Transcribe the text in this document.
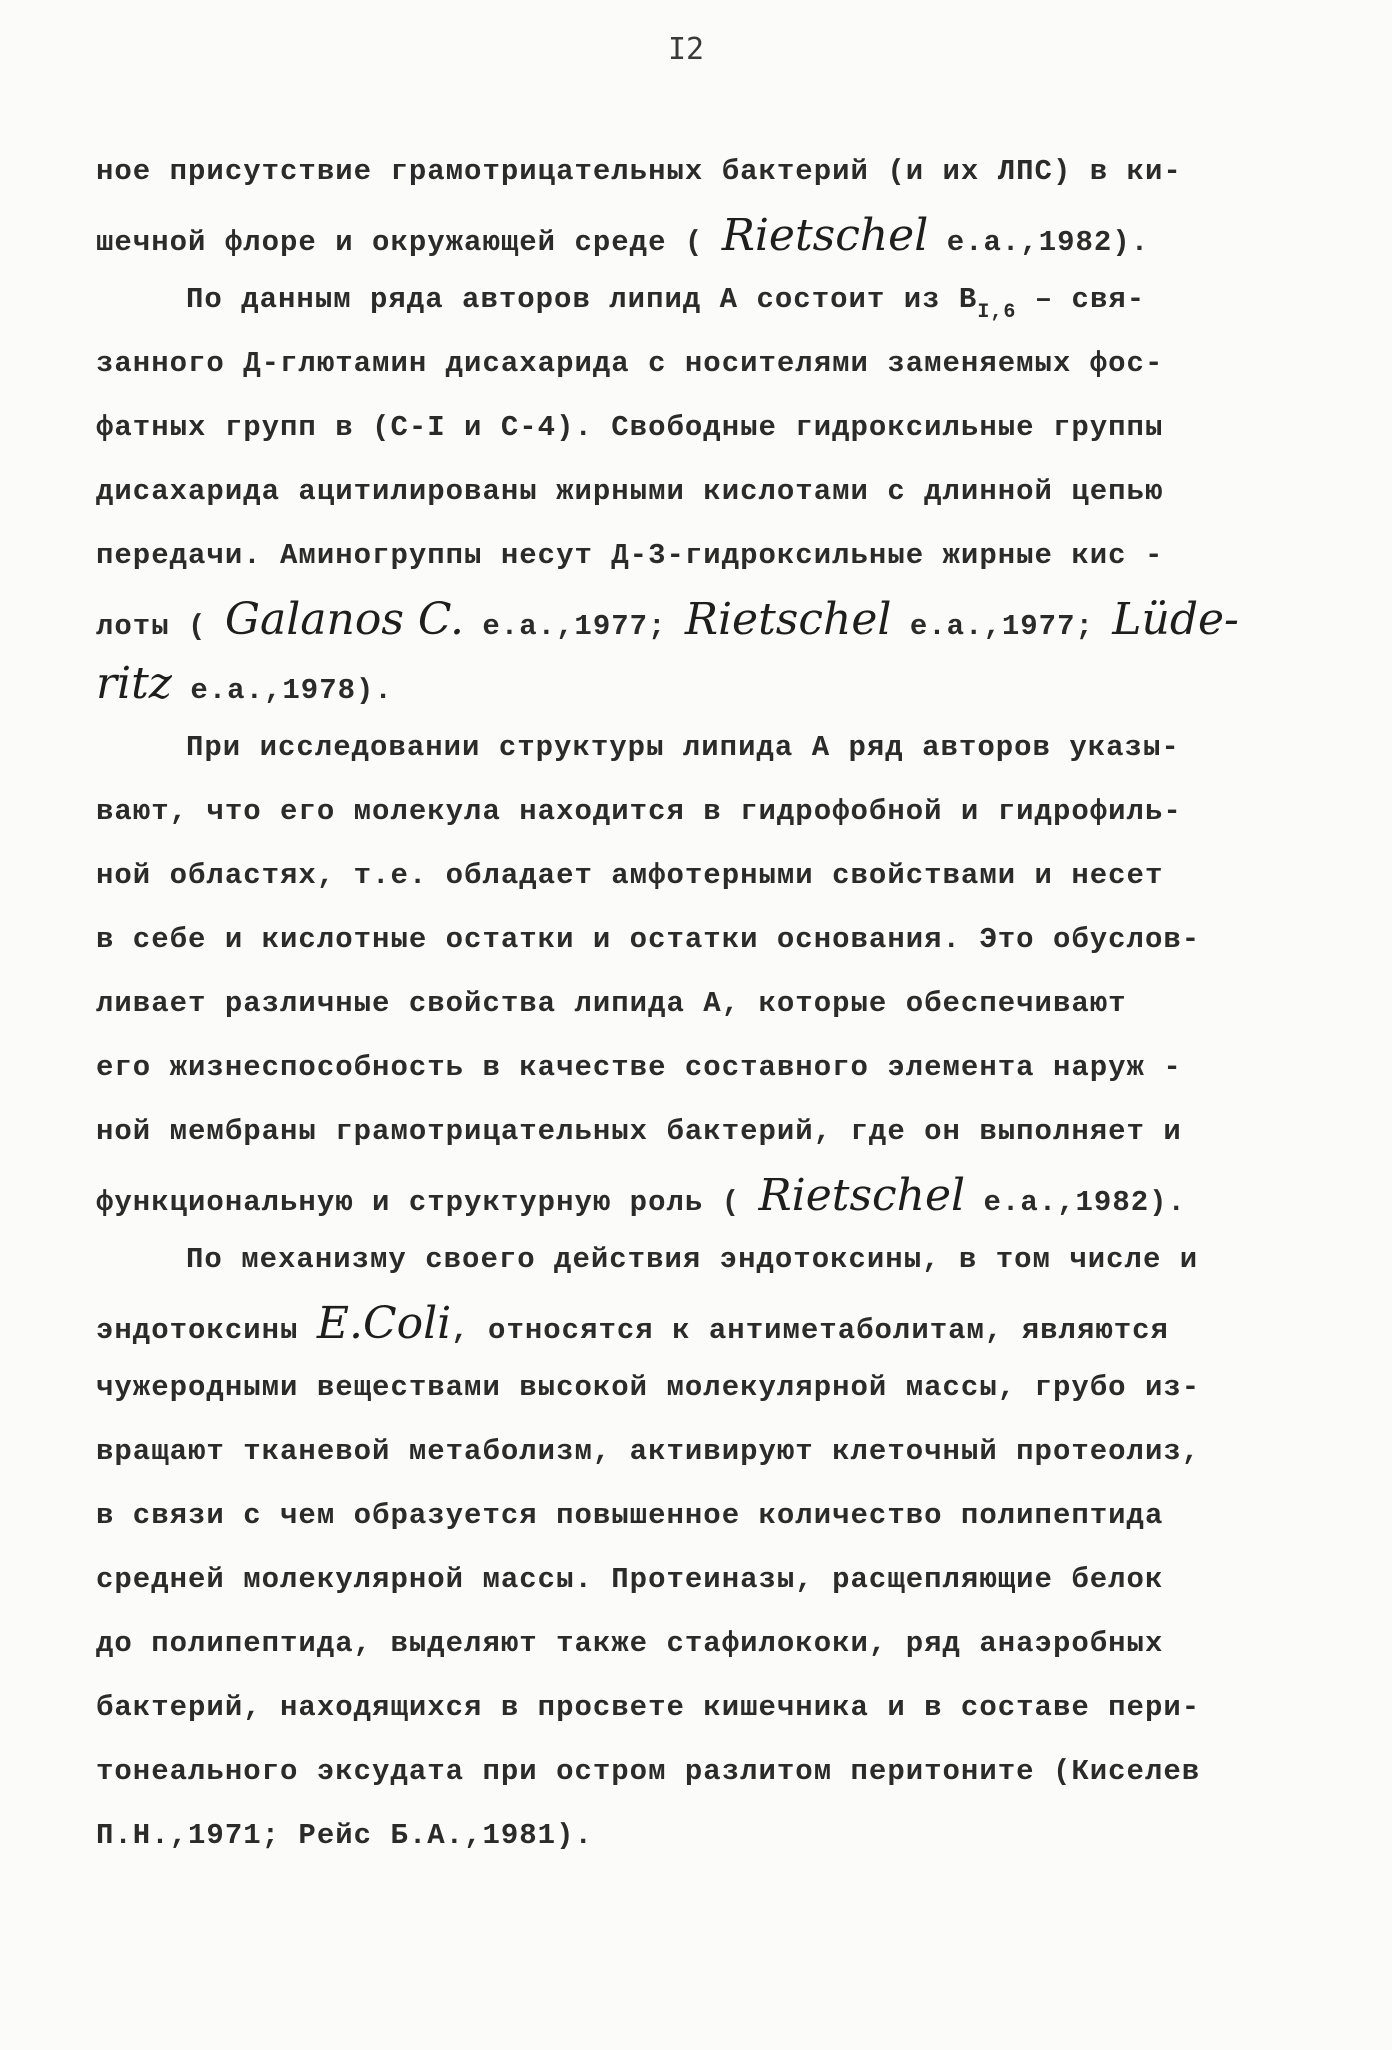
I2
ное присутствие грамотрицательных бактерий (и их ЛПС) в ки-
шечной флоре и окружающей среде ( Rietschel e.a.,1982).
По данным ряда авторов липид А состоит из $В_{I,6} - свя-$
занного Д-глютамин дисахарида с носителями заменяемых фос-
фатных групп в (С-I и С-4). Свободные гидроксильные группы
дисахарида ацитилированы жирными кислотами с длинной цепью
передачи. Аминогруппы несут Д-3-гидроксильные жирные кис -
лоты ( Galanos C. e.a.,1977; Rietschel e.a.,1977; Lüde-
ritz e.a.,1978).
При исследовании структуры липида А ряд авторов указы-
вают, что его молекула находится в гидрофобной и гидрофиль-
ной областях, т.е. обладает амфотерными свойствами и несет
в себе и кислотные остатки и остатки основания. Это обуслов-
ливает различные свойства липида А, которые обеспечивают
его жизнеспособность в качестве составного элемента наруж -
ной мембраны грамотрицательных бактерий, где он выполняет и
функциональную и структурную роль ( Rietschel e.a.,1982).
По механизму своего действия эндотоксины, в том числе и
эндотоксины E.Coli, относятся к антиметаболитам, являются
чужеродными веществами высокой молекулярной массы, грубо из-
вращают тканевой метаболизм, активируют клеточный протеолиз,
в связи с чем образуется повышенное количество полипептида
средней молекулярной массы. Протеиназы, расщепляющие белок
до полипептида, выделяют также стафилококи, ряд анаэробных
бактерий, находящихся в просвете кишечника и в составе пери-
тонеального эксудата при остром разлитом перитоните (Киселев
П.Н.,1971; Рейс Б.А.,1981).
